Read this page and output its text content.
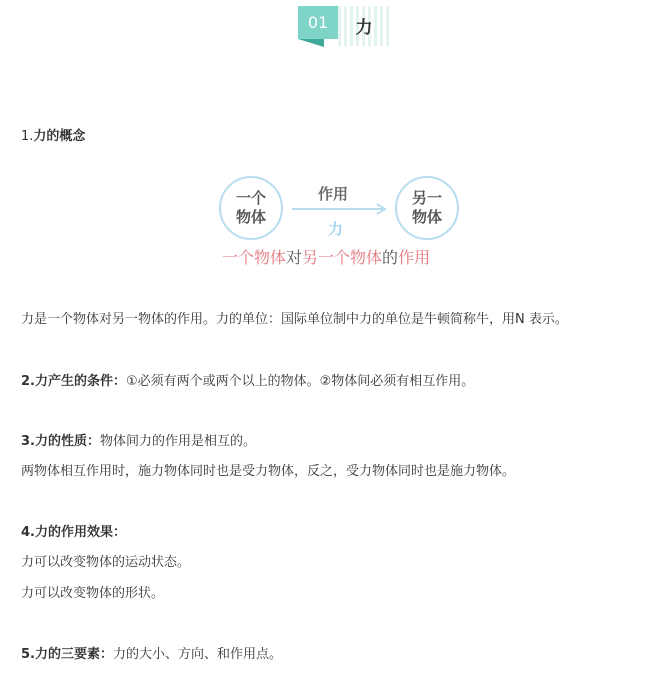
01	力
1.力的概念
一个
物体
另一
物体
作用
力
一个物体对另一个物体的作用
力是一个物体对另一物体的作用。力的单位：国际单位制中力的单位是牛顿简称牛，用N 表示。
2.力产生的条件：①必须有两个或两个以上的物体。②物体间必须有相互作用。
3.力的性质：物体间力的作用是相互的。
两物体相互作用时，施力物体同时也是受力物体，反之，受力物体同时也是施力物体。
4.力的作用效果：
力可以改变物体的运动状态。
力可以改变物体的形状。
5.力的三要素：力的大小、方向、和作用点。
